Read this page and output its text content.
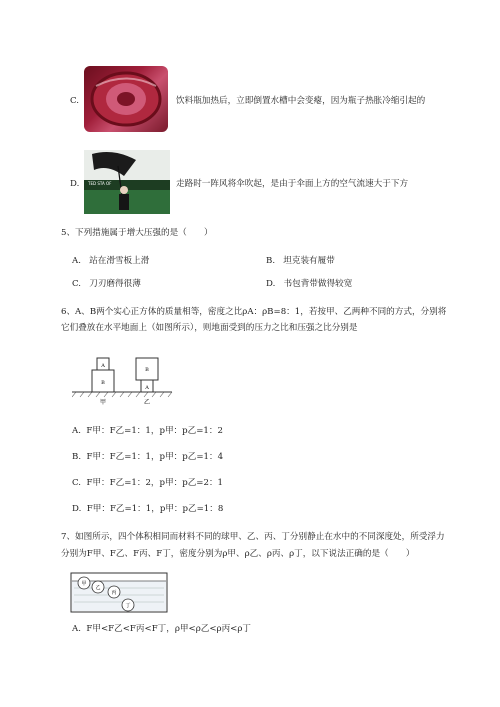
C.	饮料瓶加热后，立即倒置水槽中会变瘪，因为瓶子热胀冷缩引起的
D. TED STA OF	走路时一阵风将伞吹起，是由于伞面上方的空气流速大于下方
5、下列措施属于增大压强的是（　　）
A. 站在滑雪板上滑	B. 坦克装有履带
C. 刀刃磨得很薄	D. 书包背带做得较宽
6、A、B两个实心正方体的质量相等，密度之比ρA：ρB=8：1，若按甲、乙两种不同的方式，分别将
它们叠放在水平地面上（如图所示），则地面受到的压力之比和压强之比分别是
A
B
B
A
甲	乙
A. F甲：F乙=1：1，p甲：p乙=1：2
B. F甲：F乙=1：1，p甲：p乙=1：4
C. F甲：F乙=1：2，p甲：p乙=2：1
D. F甲：F乙=1：1，p甲：p乙=1：8
7、如图所示，四个体积相同而材料不同的球甲、乙、丙、丁分别静止在水中的不同深度处，所受浮力
分别为F甲、F乙、F丙、F丁，密度分别为ρ甲、ρ乙、ρ丙、ρ丁，以下说法正确的是（　　）
甲
乙
丙
丁
A. F甲<F乙<F丙<F丁，ρ甲<ρ乙<ρ丙<ρ丁
